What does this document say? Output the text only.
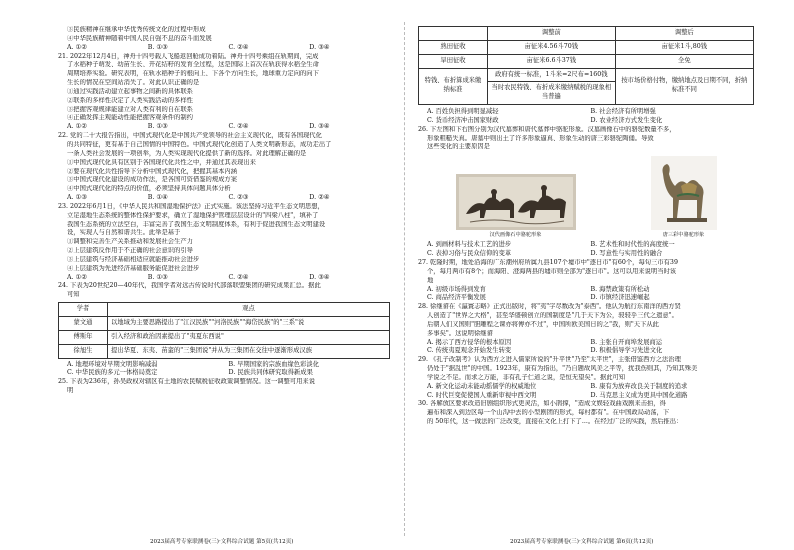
③民族精神在继承中华优秀传统文化的过程中形成

④中华民族精神随着中国人民自强不息的奋斗而发展

A. ①②	B. ①③	C. ②④	D. ③④

21. 2022年12月4日，神舟十四号载人飞船返回舱成功着陆。神舟十四号乘组在轨期间，完成

了水稻种子萌发、幼苗生长、开花结籽的发育全过程，这是国际上首次在轨获得水稻全生命

周期培养实验。研究表明，在轨水稻种子的根向上、下各个方向生长，地球重力定向的向下

生长的情况在空间站消失了。对此认识正确的是

①通过实践活动建立起事物之间新的具体联系

②联系的多样性决定了人类实践活动的多样性

③把握客观规律能建立对人类有利的自在联系

④正确发挥主观能动性能把握客观条件的制约

A. ①②	B. ①③	C. ②④	D. ③④

22. 党的二十大报告指出，中国式现代化是中国共产党领导的社会主义现代化，既有各国现代化

的共同特征，更有基于自己国情的中国特色。中国式现代化创造了人类文明新形态，成功走出了

一条人类社会发展的一项创举，为人类实现现代化提供了新的选择。对此理解正确的是

①中国式现代化具有区别于各国现代化共性之中，并通过其表现出来

②要在现代化共性指导下分析中国式现代化，把握其基本内涵

③中国式现代化建设的成功作法，是各国可资借鉴的规成方案

④中国式现代化的特点的价值，必须坚持具体问题具体分析

A. ①③	B. ①④	C. ②③	D. ②④

23. 2022年6月1日，《中华人民共和国湿地保护法》正式实施。该法坚持习近平生态文明思想，

立足湿地生态系统的整体性保护要求，确立了湿地保护管理层层设计的"四梁八柱"，填补了

我国生态系统的立法空白，丰富完善了我国生态文明制度体系，有利于促进我国生态文明建设

设，实现人与自然和谐共生。此举是基于

①调整和完善生产关系推动和发展社会生产力

②上层建筑反作用于不正确的社会意识的引导

③上层建筑与经济基础相适应就能推动社会进步

④上层建筑为先进经济基础服务能促进社会进步

A. ①②	B. ①③	C. ②④	D. ③④

24. 下表为20世纪20—40年代，我国学者对远古传说时代部落联盟集团的研究成果汇总。据此

可知

学者	观点
蒙文通	以地域为主要思路提出了"江汉民族""河洛民族""海岱民族"的"三系"说
傅斯年	引入经济和政治因素提出了"夷夏东西说"
徐旭生	提出华夏、东夷、苗蛮的"三集团说"并从为三集团在交往中逐渐形成汉族
A. 地理环境对早期文明影响减弱	B. 早期国家的宗族血缘色彩淡化
C. 中华民族的多元一体格局奠定	D. 民族共同体研究取得新成果

25. 下表为236年，孙吴政权对辖区有土地的农民赋税征收政策调整情况。这一调整可用来说

明

2023届高考专家联测卷(三)·文科综合试题 第5页(共12页)
	调整前	调整后
熟田征收	亩征米4.56斗70钱	亩征米1斗,80钱
旱田征收	亩征米6.6斗37钱	全免
特钱、布折算成米缴纳标准	政府有统一标准，1斗米=2尺布=160钱	按市场价格付物，缴纳地点及日期不同，折纳标准不同
	当时农民特钱、布折成米缴纳赋税的现象相当普遍	
A. 百姓负担得到明显减轻	B. 社会经济有所明增强
C. 货币经济冲击国家财政	D. 农业经济方式发生变化

26. 下左图和下右图分别为汉代墓葬和唐代墓葬中骆驼形象。汉墓画像石中的骆驼数量不多，

形象粗糙失真。唐墓中则出土了许多形象逼真、形象生动的唐三彩骆驼陶俑。导致

这些变化的主要原因是

汉代画像石中骆驼形象	唐三彩中骆驼形象
A. 到画材料与技术工艺的进步	B. 艺术性和时代性的高度统一
C. 表掉习俗与民众信仰的变革	D. 写意性与实用性的融合

27. 乾隆时期，地处沿海的广东潮州府所属九县107个墟市中"逐日市"有60个，每旬三市有39

个，每月两市有8个；而海阳、澄海两县的墟市则全部为"逐日市"。这可以用来说明当时该

地

A. 初级市场得到发育	B. 海禁政策有所松动
C. 商品经济平衡发展	D. 市镇经济迅速崛起

28. 徐继畲在《瀛寰志略》正式出版时，将"夷"字尽数改为"泰西"。他认为航行东南洋的西方贤

人创造了"世界之大格"，甚至华盛顿创立的国制度是"几于天下为公，骎骎乎三代之遗意"。

后朝人们又国则"胆雕程之课亦将傅亦不过"，中国所欧美国日的之"我，则"天下从此

多事矣"。这说明徐继畲

A. 揭示了西方侵华的根本原因	B. 主张自开商埠发展商运
C. 传统夷夏观念开始发生转变	D. 积极倡导学习先进文化

29. 《孔子改制考》认为西方之进入儒家所说的"升平世"乃至"太平世"，主张借鉴西方之法治理

仍处于"据乱世"的中国。1923年，康有为指出，"乃自题故风美之平等，扰我伤则其，乃知其殊美

学说之不足。而求之万能，非有孔子仁道之说，是恒无望矣"。据此可知

A. 新文化运动未能动摇儒学的权威地位	B. 康有为放弃改良关于制度的追求
C. 时代巨变促使国人重新审视中西文明	D. 马克思主义成为更具中国化道路

30. 各解放区要求改造旧剧组织形式更灵活，如小鹃撑，"造成文娱轻戏曲戏剧来击拍，得

遍布和深入到边区每一个山沟中去的小型剧团的形式，每村都有"。在中国政局动荡，下

的 50年代，这一做法的广泛改变，直接在文化上打下了...。在经过广泛的实践，然后推出：

2023届高考专家联测卷(三)·文科综合试题 第6页(共12页)
